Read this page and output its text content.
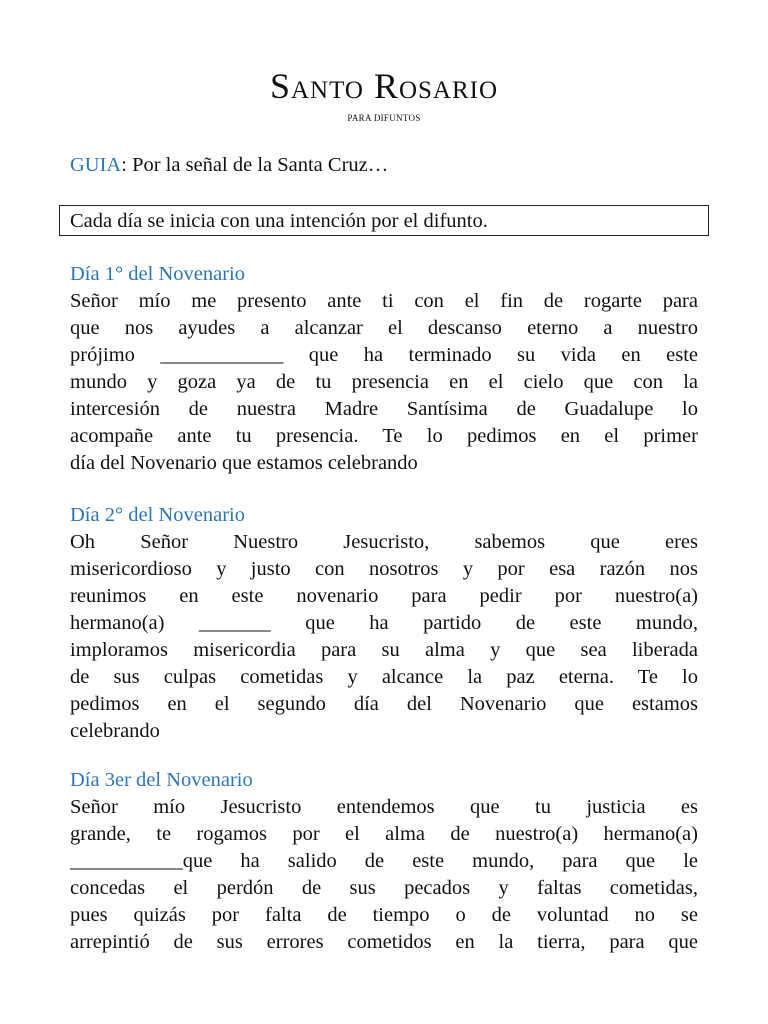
Santo Rosario
PARA DIFUNTOS
GUIA: Por la señal de la Santa Cruz…
Cada día se inicia con una intención por el difunto.
Día 1° del Novenario
Señor mío me presento ante ti con el fin de rogarte para
que nos ayudes a alcanzar el descanso eterno a nuestro
prójimo ____________ que ha terminado su vida en este
mundo y goza ya de tu presencia en el cielo que con la
intercesión de nuestra Madre Santísima de Guadalupe lo
acompañe ante tu presencia. Te lo pedimos en el primer
día del Novenario que estamos celebrando
Día 2° del Novenario
Oh Señor Nuestro Jesucristo, sabemos que eres
misericordioso y justo con nosotros y por esa razón nos
reunimos en este novenario para pedir por nuestro(a)
hermano(a) _______ que ha partido de este mundo,
imploramos misericordia para su alma y que sea liberada
de sus culpas cometidas y alcance la paz eterna. Te lo
pedimos en el segundo día del Novenario que estamos
celebrando
Día 3er del Novenario
Señor mío Jesucristo entendemos que tu justicia es
grande, te rogamos por el alma de nuestro(a) hermano(a)
___________que ha salido de este mundo, para que le
concedas el perdón de sus pecados y faltas cometidas,
pues quizás por falta de tiempo o de voluntad no se
arrepintió de sus errores cometidos en la tierra, para que
